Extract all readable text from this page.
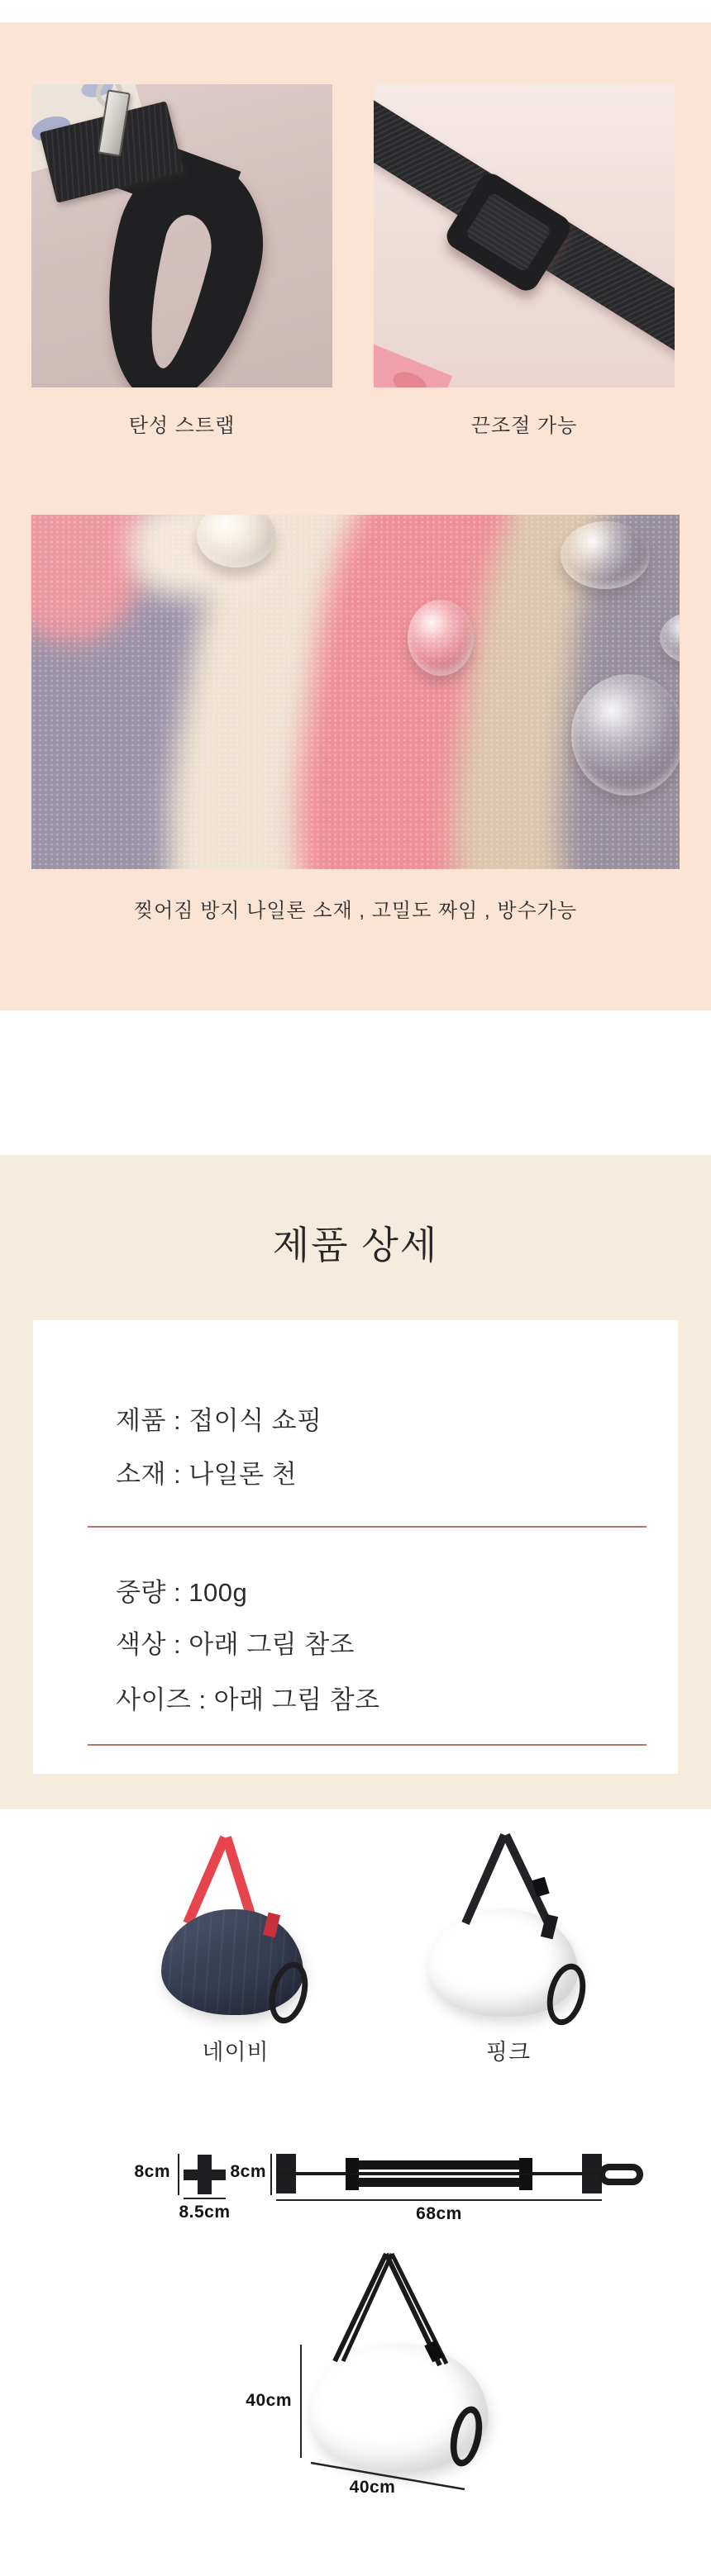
탄성 스트랩	끈조절 가능
찢어짐 방지 나일론 소재 , 고밀도 짜임 , 방수가능
제품 상세
제품 : 접이식 쇼핑
소재 : 나일론 천
중량 : 100g
색상 : 아래 그림 참조
사이즈 : 아래 그림 참조
네이비	핑크
8cm
8.5cm
8cm
68cm
40cm
40cm
